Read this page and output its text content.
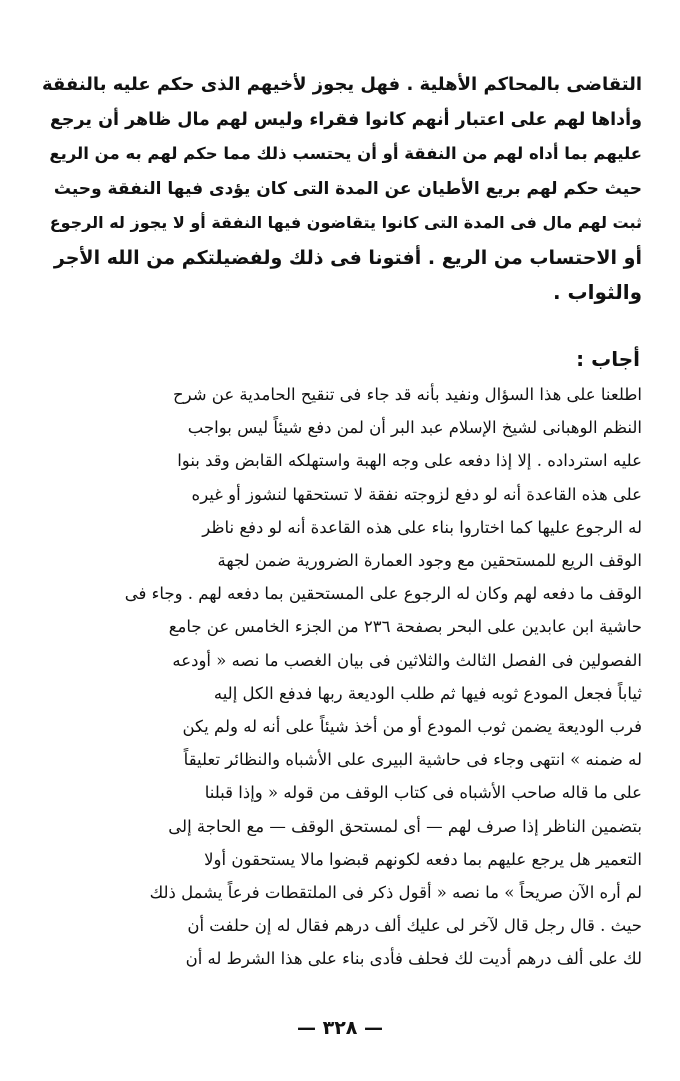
التقاضى بالمحاكم الأهلية . فهل يجوز لأخيهم الذى حكم عليه بالنفقة
وأداها لهم على اعتبار أنهم كانوا فقراء وليس لهم مال ظاهر أن يرجع
عليهم بما أداه لهم من النفقة أو أن يحتسب ذلك مما حكم لهم به من الريع
حيث حكم لهم بريع الأطيان عن المدة التى كان يؤدى فيها النفقة وحيث
ثبت لهم مال فى المدة التى كانوا يتقاضون فيها النفقة أو لا يجوز له الرجوع
أو الاحتساب من الريع . أفتونا فى ذلك ولفضيلتكم من الله الأجر
والثواب .
أجاب :
اطلعنا على هذا السؤال ونفيد بأنه قد جاء فى تنقيح الحامدية عن شرح
النظم الوهبانى لشيخ الإسلام عبد البر أن لمن دفع شيئاً ليس بواجب
عليه استرداده . إلا إذا دفعه على وجه الهبة واستهلكه القابض وقد بنوا
على هذه القاعدة أنه لو دفع لزوجته نفقة لا تستحقها لنشوز أو غيره
له الرجوع عليها كما اختاروا بناء على هذه القاعدة أنه لو دفع ناظر
الوقف الريع للمستحقين مع وجود العمارة الضرورية ضمن لجهة
الوقف ما دفعه لهم وكان له الرجوع على المستحقين بما دفعه لهم . وجاء فى
حاشية ابن عابدين على البحر بصفحة ٢٣٦ من الجزء الخامس عن جامع
الفصولين فى الفصل الثالث والثلاثين فى بيان الغصب ما نصه « أودعه
ثياباً فجعل المودع ثوبه فيها ثم طلب الوديعة ربها فدفع الكل إليه
فرب الوديعة يضمن ثوب المودع أو من أخذ شيئاً على أنه له ولم يكن
له ضمنه » انتهى وجاء فى حاشية البيرى على الأشباه والنظائر تعليقاً
على ما قاله صاحب الأشباه فى كتاب الوقف من قوله « وإذا قبلنا
بتضمين الناظر إذا صرف لهم — أى لمستحق الوقف — مع الحاجة إلى
التعمير هل يرجع عليهم بما دفعه لكونهم قبضوا مالا يستحقون أولا
لم أره الآن صريحاً » ما نصه « أقول ذكر فى الملتقطات فرعاً يشمل ذلك
حيث . قال رجل قال لآخر لى عليك ألف درهم فقال له إن حلفت أن
لك على ألف درهم أديت لك فحلف فأدى بناء على هذا الشرط له أن
— ٣٢٨ —
